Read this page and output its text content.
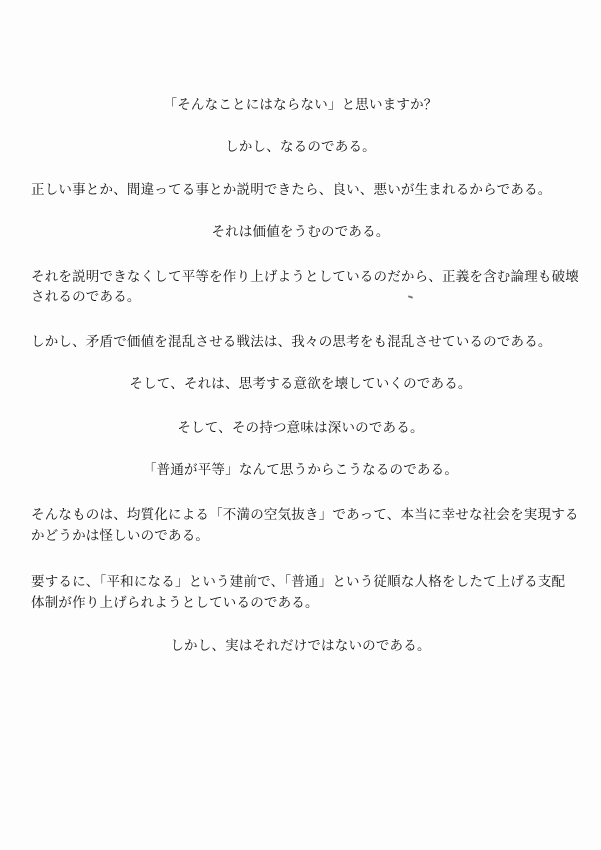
「そんなことにはならない」と思いますか？

しかし、なるのである。

正しい事とか、間違ってる事とか説明できたら、良い、悪いが生まれるからである。

それは価値をうむのである。

それを説明できなくして平等を作り上げようとしているのだから、正義を含む論理も破壊

されるのである。

しかし、矛盾で価値を混乱させる戦法は、我々の思考をも混乱させているのである。

そして、それは、思考する意欲を壊していくのである。

そして、その持つ意味は深いのである。

「普通が平等」なんて思うからこうなるのである。

そんなものは、均質化による「不満の空気抜き」であって、本当に幸せな社会を実現する

かどうかは怪しいのである。

要するに、「平和になる」という建前で、「普通」という従順な人格をしたて上げる支配

体制が作り上げられようとしているのである。

しかし、実はそれだけではないのである。
